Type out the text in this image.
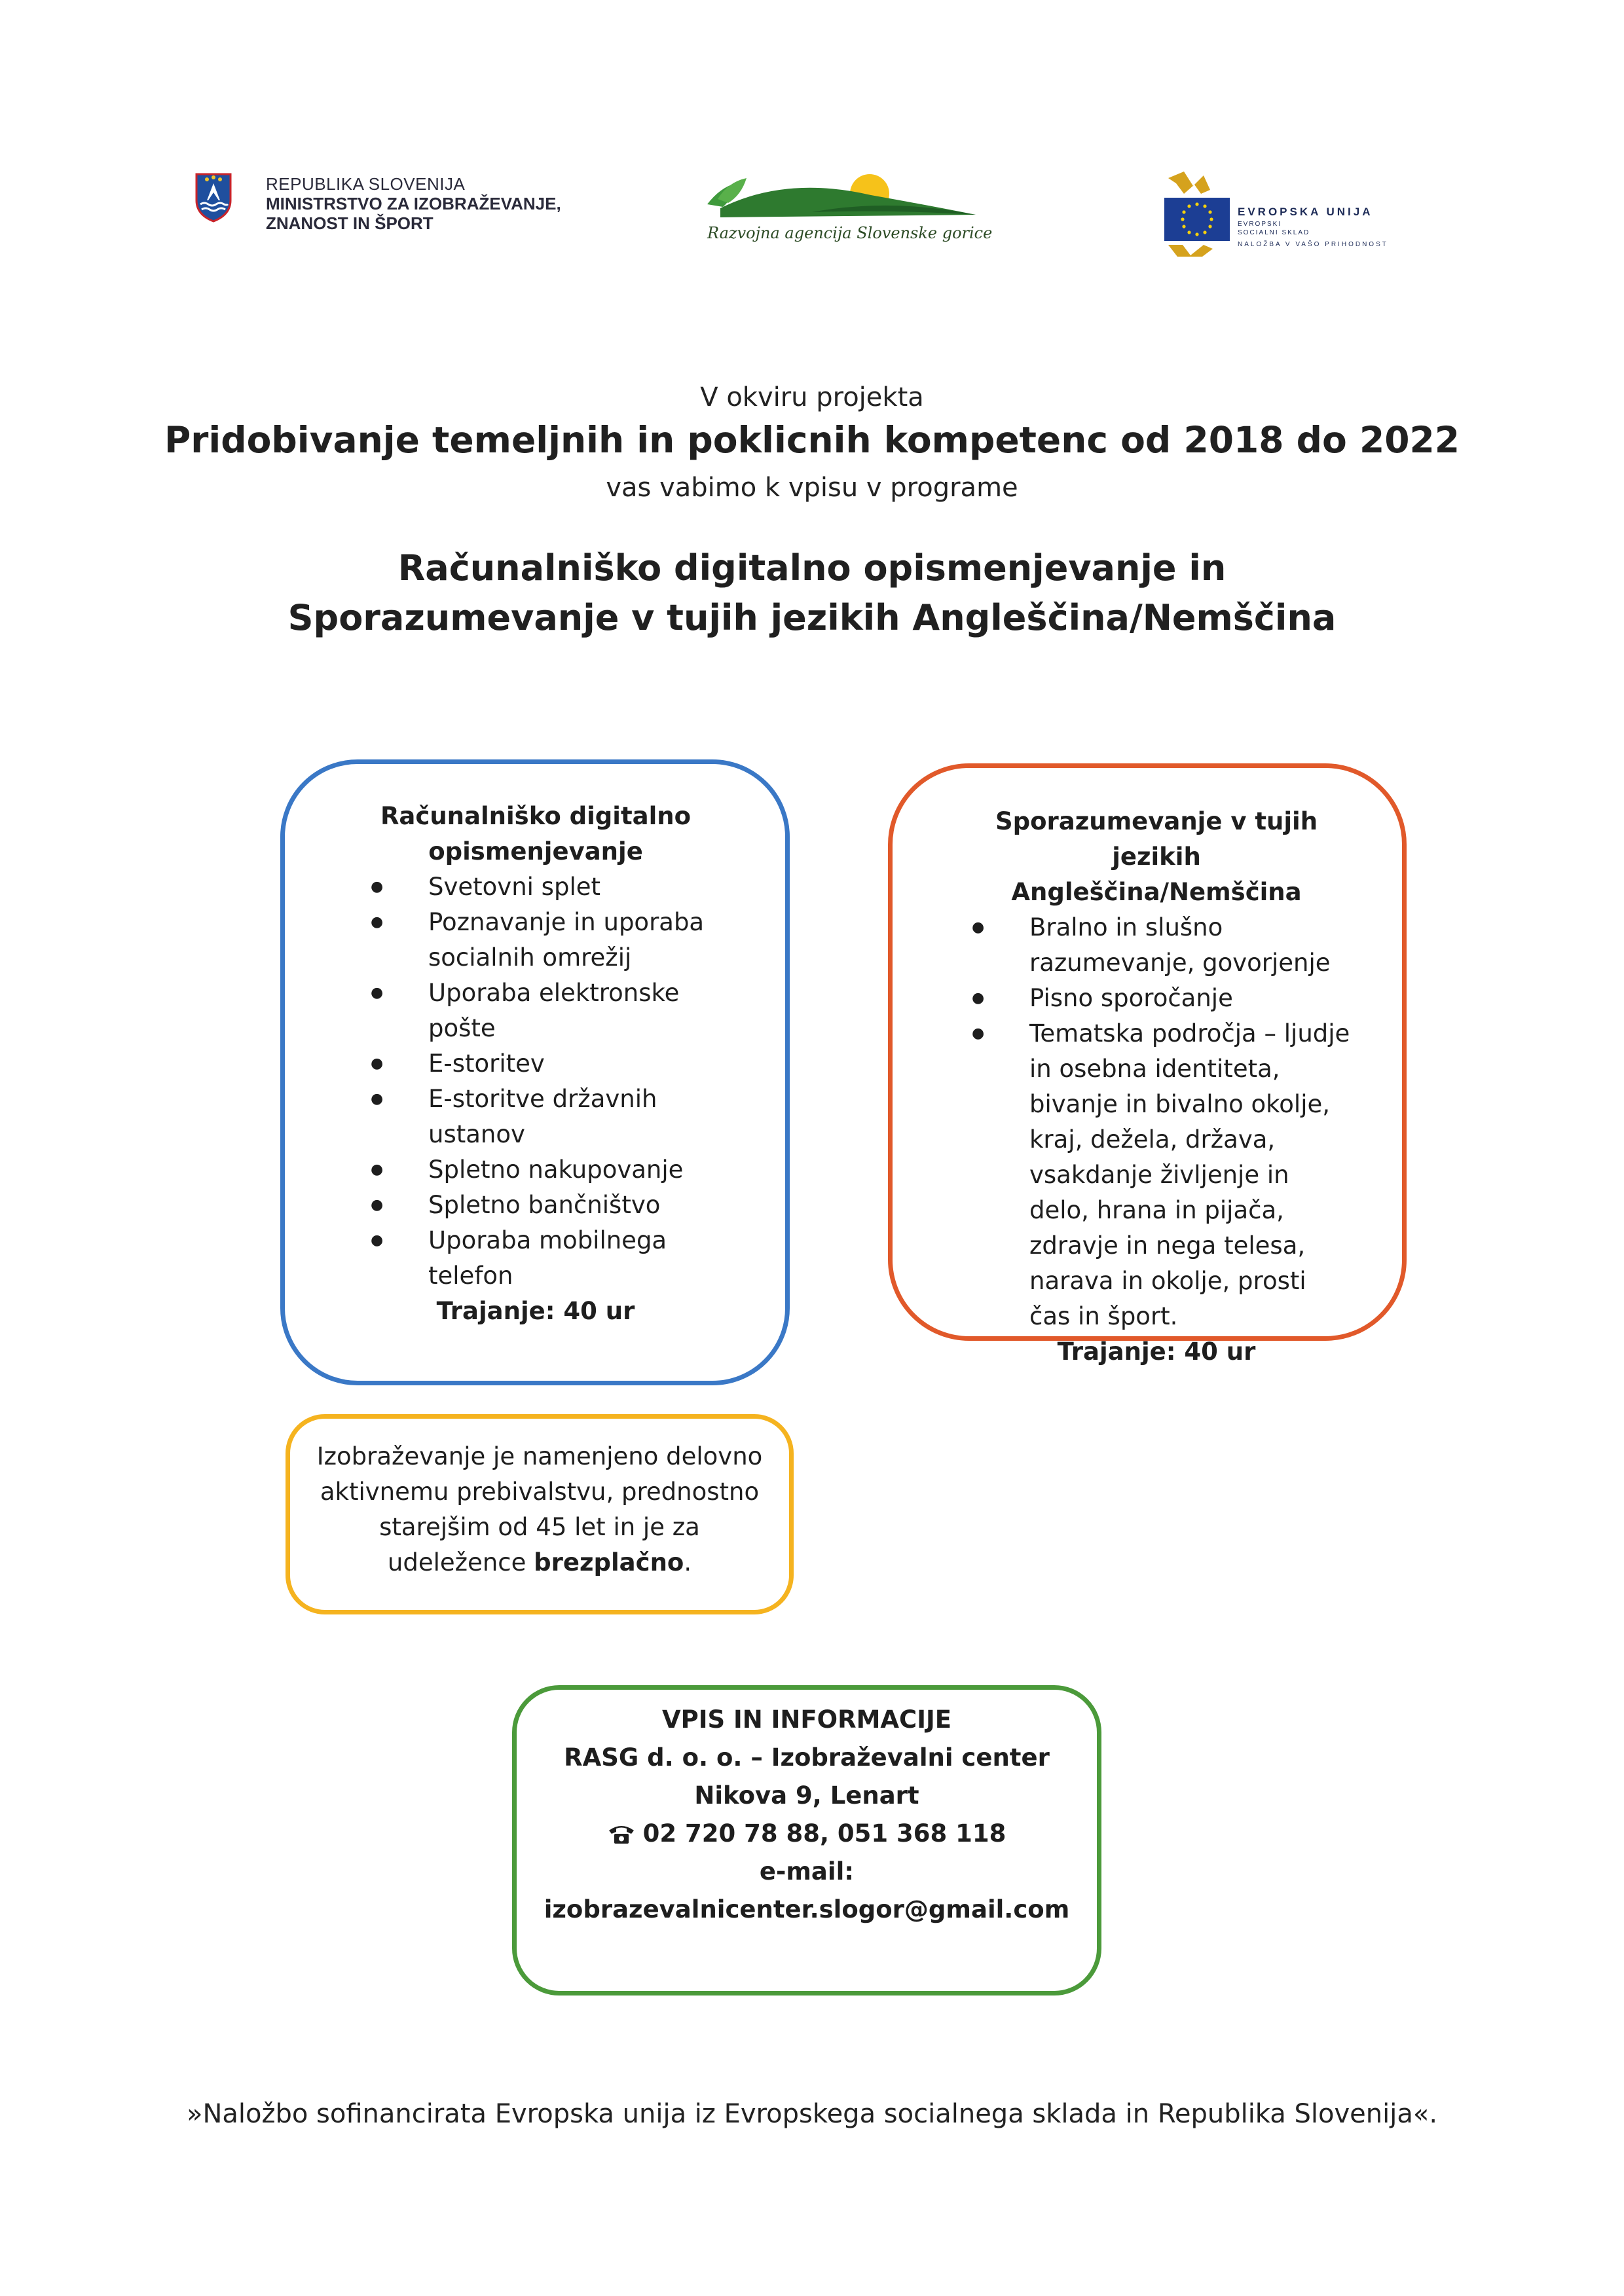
REPUBLIKA SLOVENIJA
MINISTRSTVO ZA IZOBRAŽEVANJE,
ZNANOST IN ŠPORT	Razvojna agencija Slovenske gorice
EVROPSKA UNIJA
EVROPSKI
SOCIALNI SKLAD
NALOŽBA V VAŠO PRIHODNOST
V okviru projekta
Pridobivanje temeljnih in poklicnih kompetenc od 2018 do 2022
vas vabimo k vpisu v programe
Računalniško digitalno opismenjevanje in
Sporazumevanje v tujih jezikih Angleščina/Nemščina
Računalniško digitalno
opismenjevanje
● Svetovni splet
● Poznavanje in uporaba socialnih omrežij
● Uporaba elektronske pošte
● E-storitev
● E-storitve državnih ustanov
● Spletno nakupovanje
● Spletno bančništvo
● Uporaba mobilnega telefon
Trajanje: 40 ur
Sporazumevanje v tujih jezikih
Angleščina/Nemščina
● Bralno in slušno razumevanje, govorjenje
● Pisno sporočanje
● Tematska področja – ljudje in osebna identiteta, bivanje in bivalno okolje, kraj, dežela, država, vsakdanje življenje in delo, hrana in pijača, zdravje in nega telesa, narava in okolje, prosti čas in šport.
Trajanje: 40 ur
Izobraževanje je namenjeno delovno aktivnemu prebivalstvu, prednostno starejšim od 45 let in je za udeležence brezplačno.
VPIS IN INFORMACIJE
RASG d. o. o. – Izobraževalni center
Nikova 9, Lenart
02 720 78 88, 051 368 118
e-mail:
izobrazevalnicenter.slogor@gmail.com
»Naložbo sofinancirata Evropska unija iz Evropskega socialnega sklada in Republika Slovenija«.
